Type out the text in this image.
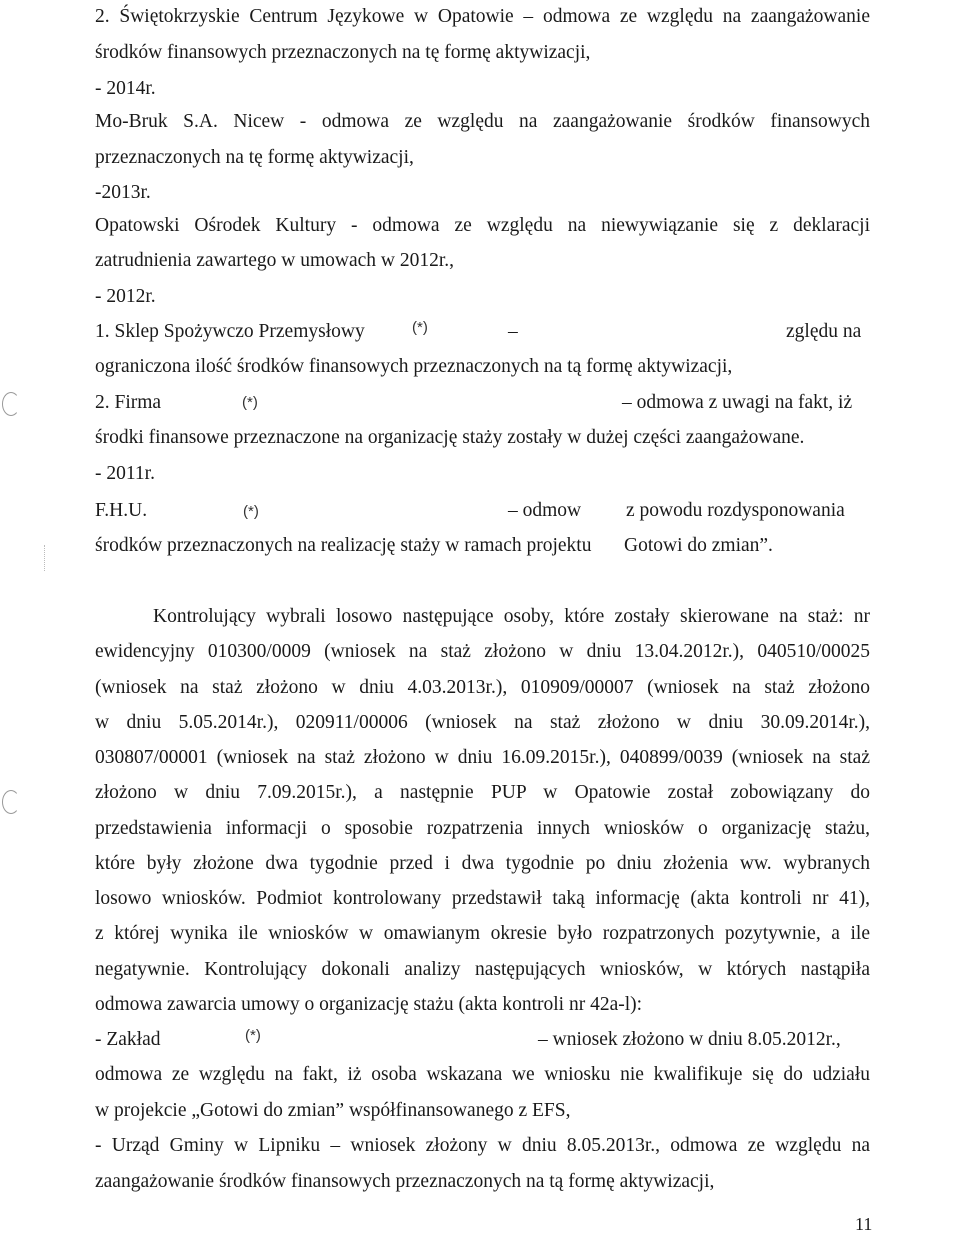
2. Świętokrzyskie Centrum Językowe w Opatowie – odmowa ze względu na zaangażowanie
środków finansowych przeznaczonych na tę formę aktywizacji,
- 2014r.
Mo-Bruk S.A. Nicew - odmowa ze względu na zaangażowanie środków finansowych
przeznaczonych na tę formę aktywizacji,
-2013r.
Opatowski Ośrodek Kultury - odmowa ze względu na niewywiązanie się z deklaracji
zatrudnienia zawartego w umowach w 2012r.,
- 2012r.
1. Sklep Spożywczo Przemysłowy	(*)	–	zględu na
ograniczona ilość środków finansowych przeznaczonych na tą formę aktywizacji,
2. Firma	(*)	– odmowa z uwagi na fakt, iż
środki finansowe przeznaczone na organizację staży zostały w dużej części zaangażowane.
- 2011r.
F.H.U.	(*)	– odmow z powodu rozdysponowania
środków przeznaczonych na realizację staży w ramach projektu Gotowi do zmian”.
Kontrolujący wybrali losowo następujące osoby, które zostały skierowane na staż: nr
ewidencyjny 010300/0009 (wniosek na staż złożono w dniu 13.04.2012r.), 040510/00025
(wniosek na staż złożono w dniu 4.03.2013r.), 010909/00007 (wniosek na staż złożono
w dniu 5.05.2014r.), 020911/00006 (wniosek na staż złożono w dniu 30.09.2014r.),
030807/00001 (wniosek na staż złożono w dniu 16.09.2015r.), 040899/0039 (wniosek na staż
złożono w dniu 7.09.2015r.), a następnie PUP w Opatowie został zobowiązany do
przedstawienia informacji o sposobie rozpatrzenia innych wniosków o organizację stażu,
które były złożone dwa tygodnie przed i dwa tygodnie po dniu złożenia ww. wybranych
losowo wniosków. Podmiot kontrolowany przedstawił taką informację (akta kontroli nr 41),
z której wynika ile wniosków w omawianym okresie było rozpatrzonych pozytywnie, a ile
negatywnie. Kontrolujący dokonali analizy następujących wniosków, w których nastąpiła
odmowa zawarcia umowy o organizację stażu (akta kontroli nr 42a-l):
- Zakład	(*)	– wniosek złożono w dniu 8.05.2012r.,
odmowa ze względu na fakt, iż osoba wskazana we wniosku nie kwalifikuje się do udziału
w projekcie „Gotowi do zmian” współfinansowanego z EFS,
- Urząd Gminy w Lipniku – wniosek złożony w dniu 8.05.2013r., odmowa ze względu na
zaangażowanie środków finansowych przeznaczonych na tą formę aktywizacji,
11
